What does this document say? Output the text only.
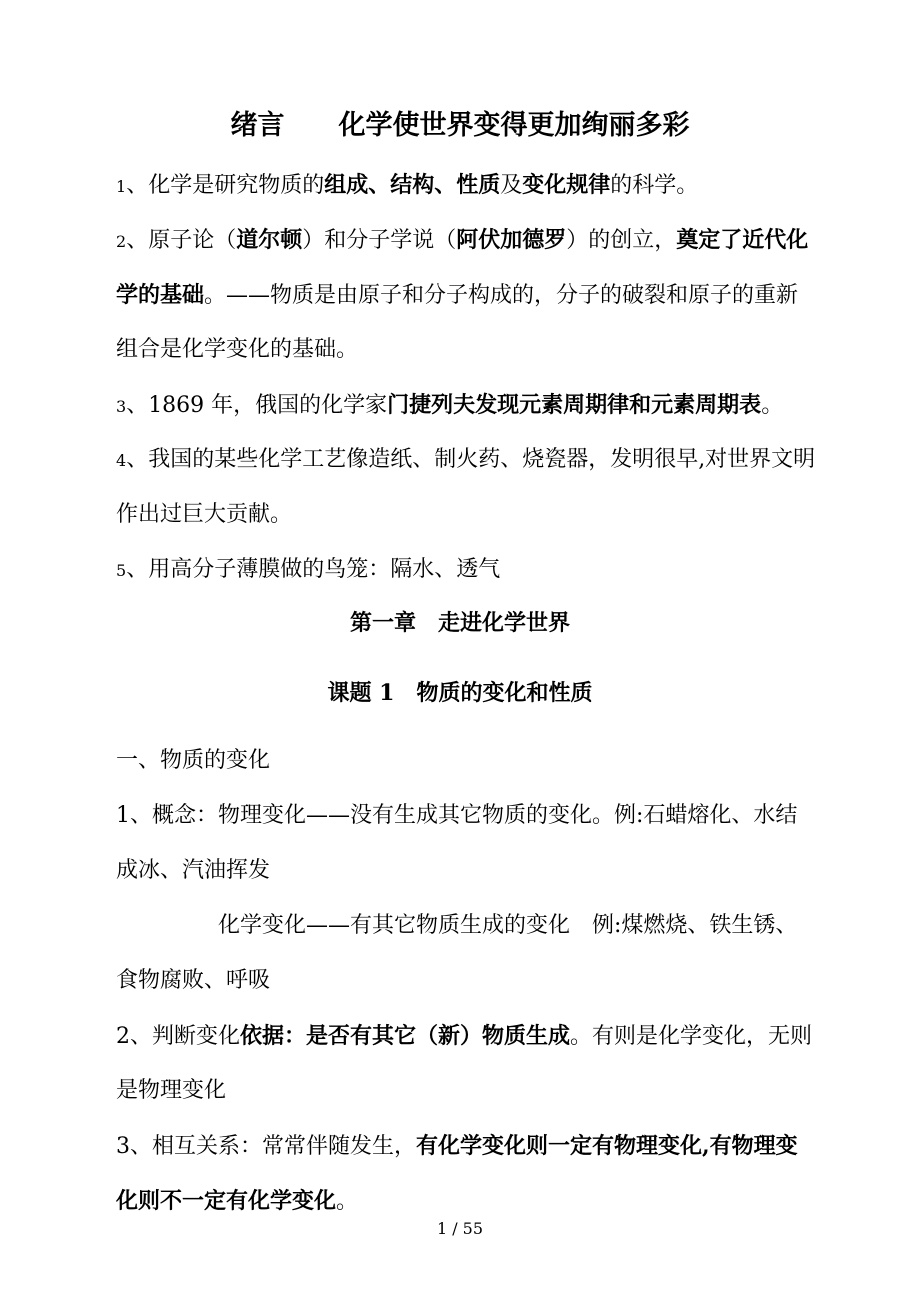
绪言　　化学使世界变得更加绚丽多彩
1、化学是研究物质的组成、结构、性质及变化规律的科学。
2、原子论（道尔顿）和分子学说（阿伏加德罗）的创立，奠定了近代化
学的基础。——物质是由原子和分子构成的，分子的破裂和原子的重新
组合是化学变化的基础。
3、1869 年，俄国的化学家门捷列夫发现元素周期律和元素周期表。
4、我国的某些化学工艺像造纸、制火药、烧瓷器，发明很早,对世界文明
作出过巨大贡献。
5、用高分子薄膜做的鸟笼：隔水、透气
第一章　走进化学世界
课题 1　物质的变化和性质
一、物质的变化
1、概念：物理变化——没有生成其它物质的变化。例:石蜡熔化、水结
成冰、汽油挥发
化学变化——有其它物质生成的变化　例:煤燃烧、铁生锈、
食物腐败、呼吸
2、判断变化依据：是否有其它（新）物质生成。有则是化学变化，无则
是物理变化
3、相互关系：常常伴随发生，有化学变化则一定有物理变化,有物理变
化则不一定有化学变化。
1 / 55
